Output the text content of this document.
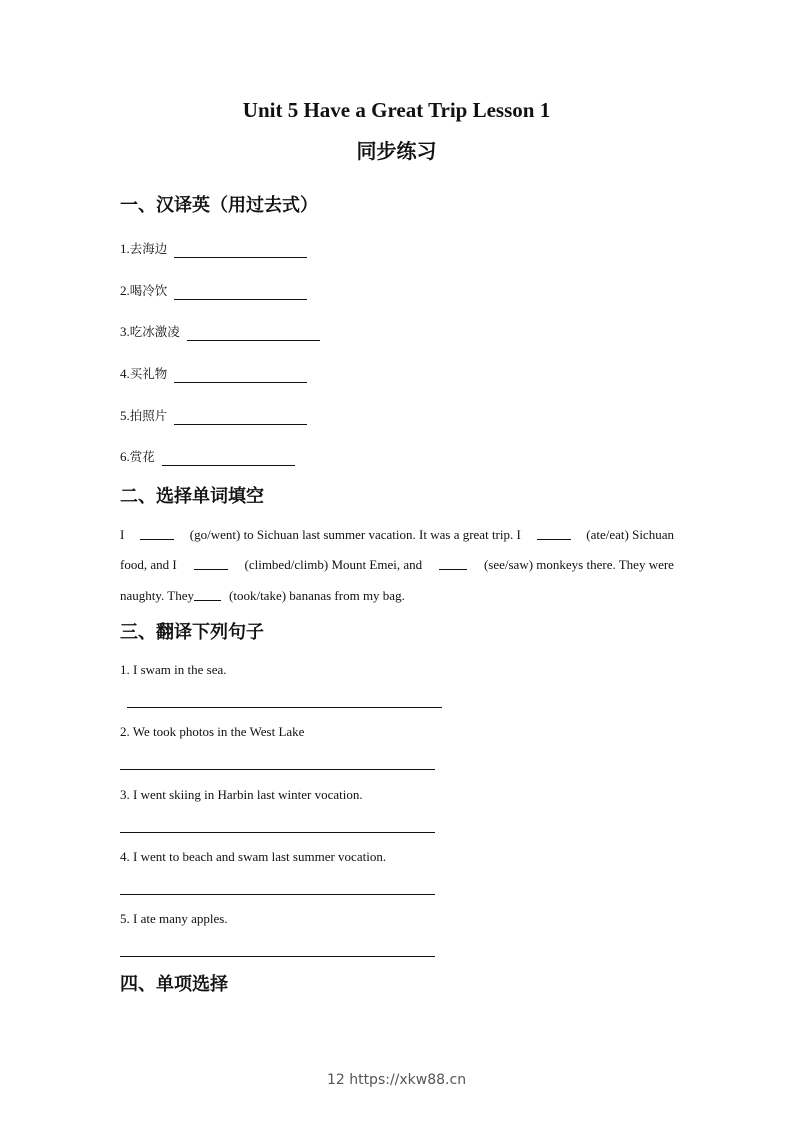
Unit 5 Have a Great Trip Lesson 1
同步练习
一、汉译英（用过去式）
1. 去海边
2. 喝冷饮
3. 吃冰激凌
4. 买礼物
5. 拍照片
6. 赏花
二、选择单词填空
I	(go/went) to Sichuan last summer vacation. It was a great trip. I	(ate/eat) Sichuan
food, and I	(climbed/climb) Mount Emei, and	(see/saw) monkeys there. They were
naughty. They	(took/take) bananas from my bag.
三、翻译下列句子
1. I swam in the sea.
2. We took photos in the West Lake
3. I went skiing in Harbin last winter vocation.
4. I went to beach and swam last summer vocation.
5. I ate many apples.
四、单项选择
12 https://xkw88.cn
